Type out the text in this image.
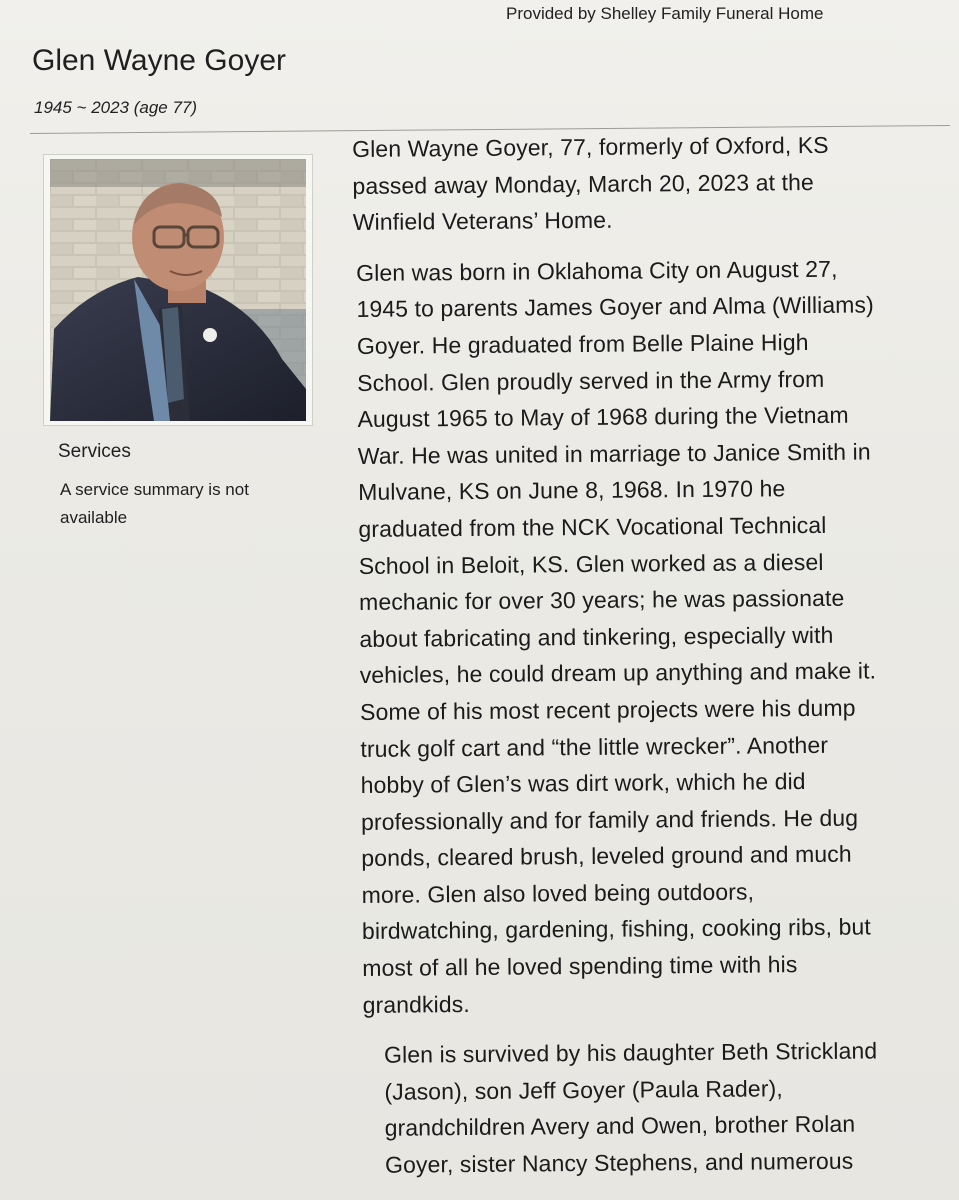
Provided by Shelley Family Funeral Home
Glen Wayne Goyer
1945 ~ 2023 (age 77)
Services
A service summary is not available

Glen Wayne Goyer, 77, formerly of Oxford, KS
passed away Monday, March 20, 2023 at the
Winfield Veterans’ Home.

Glen was born in Oklahoma City on August 27,
1945 to parents James Goyer and Alma (Williams)
Goyer. He graduated from Belle Plaine High
School. Glen proudly served in the Army from
August 1965 to May of 1968 during the Vietnam
War. He was united in marriage to Janice Smith in
Mulvane, KS on June 8, 1968. In 1970 he
graduated from the NCK Vocational Technical
School in Beloit, KS. Glen worked as a diesel
mechanic for over 30 years; he was passionate
about fabricating and tinkering, especially with
vehicles, he could dream up anything and make it.
Some of his most recent projects were his dump
truck golf cart and “the little wrecker”. Another
hobby of Glen’s was dirt work, which he did
professionally and for family and friends. He dug
ponds, cleared brush, leveled ground and much
more. Glen also loved being outdoors,
birdwatching, gardening, fishing, cooking ribs, but
most of all he loved spending time with his
grandkids.

Glen is survived by his daughter Beth Strickland
(Jason), son Jeff Goyer (Paula Rader),
grandchildren Avery and Owen, brother Rolan
Goyer, sister Nancy Stephens, and numerous
